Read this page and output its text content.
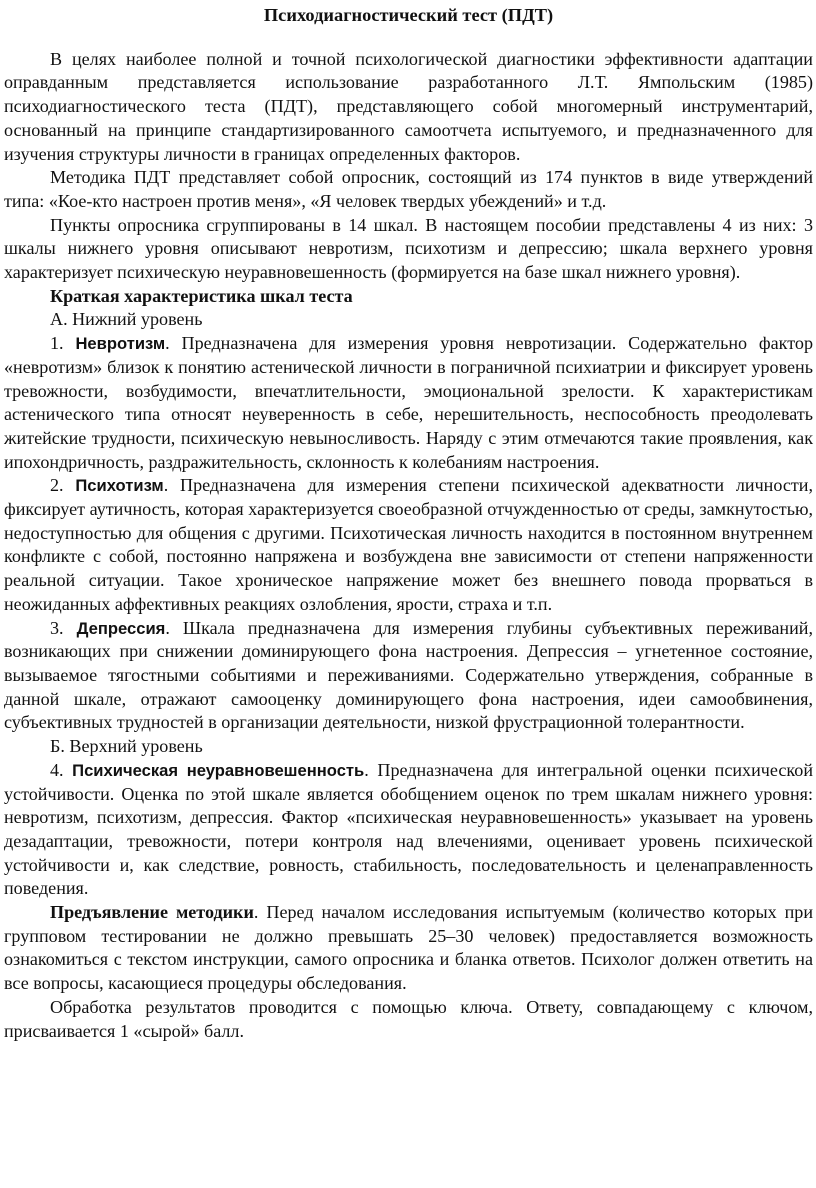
Психодиагностический тест (ПДТ)

В целях наиболее полной и точной психологической диагностики эффективности адаптации оправданным представляется использование разработанного Л.Т. Ямпольским (1985) психодиагностического теста (ПДТ), представляющего собой многомерный инструментарий, основанный на принципе стандартизированного самоотчета испытуемого, и предназначенного для изучения структуры личности в границах определенных факторов.

Методика ПДТ представляет собой опросник, состоящий из 174 пунктов в виде утверждений типа: «Кое-кто настроен против меня», «Я человек твердых убеждений» и т.д.

Пункты опросника сгруппированы в 14 шкал. В настоящем пособии представлены 4 из них: 3 шкалы нижнего уровня описывают невротизм, психотизм и депрессию; шкала верхнего уровня характеризует психическую неуравновешенность (формируется на базе шкал нижнего уровня).

Краткая характеристика шкал теста

А. Нижний уровень

1. Невротизм. Предназначена для измерения уровня невротизации. Содержательно фактор «невротизм» близок к понятию астенической личности в пограничной психиатрии и фиксирует уровень тревожности, возбудимости, впечатлительности, эмоциональной зрелости. К характеристикам астенического типа относят неуверенность в себе, нерешительность, неспособность преодолевать житейские трудности, психическую невыносливость. Наряду с этим отмечаются такие проявления, как ипохондричность, раздражительность, склонность к колебаниям настроения.

2. Психотизм. Предназначена для измерения степени психической адекватности личности, фиксирует аутичность, которая характеризуется своеобразной отчужденностью от среды, замкнутостью, недоступностью для общения с другими. Психотическая личность находится в постоянном внутреннем конфликте с собой, постоянно напряжена и возбуждена вне зависимости от степени напряженности реальной ситуации. Такое хроническое напряжение может без внешнего повода прорваться в неожиданных аффективных реакциях озлобления, ярости, страха и т.п.

3. Депрессия. Шкала предназначена для измерения глубины субъективных переживаний, возникающих при снижении доминирующего фона настроения. Депрессия – угнетенное состояние, вызываемое тягостными событиями и переживаниями. Содержательно утверждения, собранные в данной шкале, отражают самооценку доминирующего фона настроения, идеи самообвинения, субъективных трудностей в организации деятельности, низкой фрустрационной толерантности.

Б. Верхний уровень

4. Психическая неуравновешенность. Предназначена для интегральной оценки психической устойчивости. Оценка по этой шкале является обобщением оценок по трем шкалам нижнего уровня: невротизм, психотизм, депрессия. Фактор «психическая неуравновешенность» указывает на уровень дезадаптации, тревожности, потери контроля над влечениями, оценивает уровень психической устойчивости и, как следствие, ровность, стабильность, последовательность и целенаправленность поведения.

Предъявление методики. Перед началом исследования испытуемым (количество которых при групповом тестировании не должно превышать 25–30 человек) предоставляется возможность ознакомиться с текстом инструкции, самого опросника и бланка ответов. Психолог должен ответить на все вопросы, касающиеся процедуры обследования.

Обработка результатов проводится с помощью ключа. Ответу, совпадающему с ключом, присваивается 1 «сырой» балл.
